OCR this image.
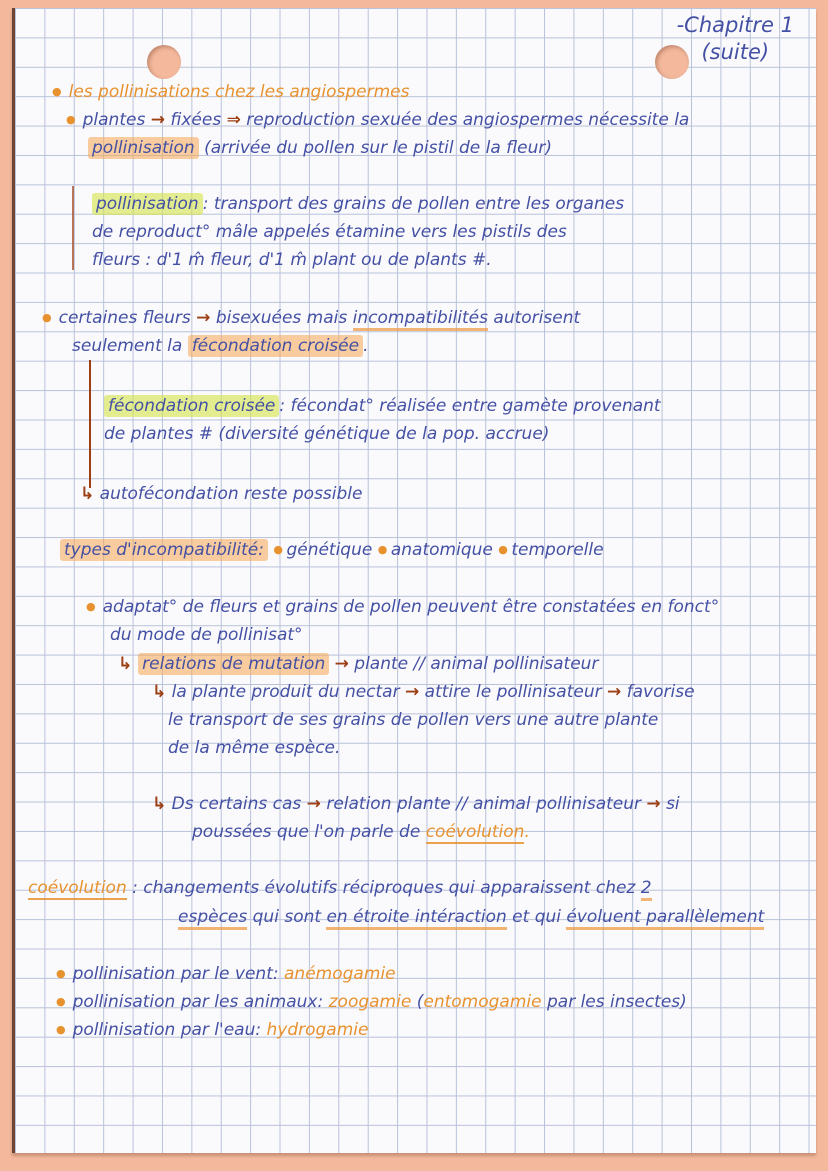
-Chapitre 1
(suite)
● les pollinisations chez les angiospermes
● plantes → fixées ⇒ reproduction sexuée des angiospermes nécessite la
pollinisation (arrivée du pollen sur le pistil de la fleur)
pollinisation : transport des grains de pollen entre les organes
de reproduct° mâle appelés étamine vers les pistils des
fleurs : d'1 m̂ fleur, d'1 m̂ plant ou de plants #.
● certaines fleurs → bisexuées mais incompatibilités autorisent
seulement la fécondation croisée .
fécondation croisée : fécondat° réalisée entre gamète provenant
de plantes # (diversité génétique de la pop. accrue)
↳ autofécondation reste possible
types d'incompatibilité: ● génétique ● anatomique ● temporelle
● adaptat° de fleurs et grains de pollen peuvent être constatées en fonct°
du mode de pollinisat°
↳ relations de mutation → plante // animal pollinisateur
↳ la plante produit du nectar → attire le pollinisateur → favorise
le transport de ses grains de pollen vers une autre plante
de la même espèce.
↳ Ds certains cas → relation plante // animal pollinisateur → si
poussées que l'on parle de coévolution.
coévolution : changements évolutifs réciproques qui apparaissent chez 2
espèces qui sont en étroite intéraction et qui évoluent parallèlement
● pollinisation par le vent: anémogamie
● pollinisation par les animaux: zoogamie (entomogamie par les insectes)
● pollinisation par l'eau: hydrogamie
